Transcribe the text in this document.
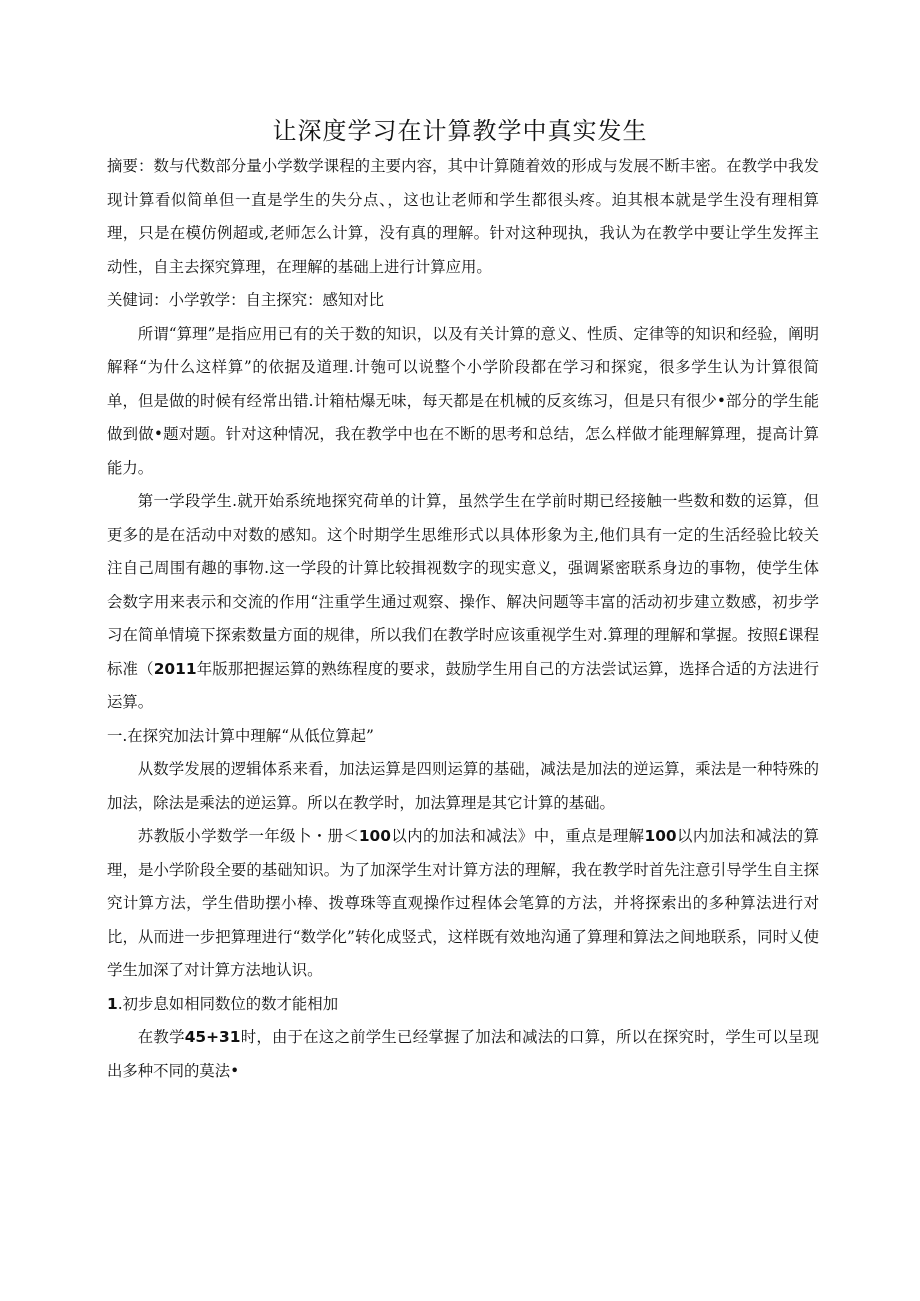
让深度学习在计算教学中真实发生

摘要：数与代数部分量小学数学课程的主要内容，其中计算随着效的形成与发展不断丰密。在教学中我发现计算看似简单但一直是学生的失分点、，这也让老师和学生都很头疼。迫其根本就是学生没有理相算理，只是在模仿例超或,老师怎么计算，没有真的理解。针对这种现执，我认为在教学中要让学生发挥主动性，自主去探究算理，在理解的基础上进行计算应用。

关健词：小学敦学：自主探究：感知对比

所谓“算理”是指应用已有的关于数的知识，以及有关计算的意义、性质、定律等的知识和经验，阐明解释“为什么这样算”的依据及道理.计匏可以说整个小学阶段都在学习和探窕，很多学生认为计算很简单，但是做的时候有经常出错.计箱枯爆无味，每天都是在机械的反亥练习，但是只有很少•部分的学生能做到做•题对题。针对这种情况，我在教学中也在不断的思考和总结，怎么样做才能理解算理，提高计算能力。

第一学段学生.就开始系统地探究荷单的计算，虽然学生在学前时期已经接触一些数和数的运算，但更多的是在活动中对数的感知。这个时期学生思维形式以具体形象为主,他们具有一定的生活经验比较关注自己周围有趣的事物.这一学段的计算比较揖视数字的现实意义，强调紧密联系身边的事物，使学生体会数字用来表示和交流的作用“注重学生通过观察、操作、解决问题等丰富的活动初步建立数感，初步学习在简单情境下探索数量方面的规律，所以我们在教学时应该重视学生对.算理的理解和掌握。按照£课程标准（2011年版那把握运算的熟练程度的要求，鼓励学生用自己的方法尝试运算，选择合适的方法进行运算。

一.在探究加法计算中理解“从低位算起”

从数学发展的逻辑体系来看，加法运算是四则运算的基础，减法是加法的逆运算，乘法是一种特殊的加法，除法是乘法的逆运算。所以在教学时，加法算理是其它计算的基础。

苏教版小学数学一年级卜・册＜100以内的加法和减法》中，重点是理解100以内加法和减法的算理，是小学阶段全要的基础知识。为了加深学生对计算方法的理解，我在教学时首先注意引导学生自主探究计算方法，学生借助摆小棒、拨尊珠等直观操作过程体会笔算的方法，并将探索出的多种算法进行对比，从而进一步把算理进行“数学化”转化成竖式，这样既有效地沟通了算理和算法之间地联系，同时乂使学生加深了对计算方法地认识。

1.初步息如相同数位的数才能相加

在教学45+31时，由于在这之前学生已经掌握了加法和减法的口算，所以在探究时，学生可以呈现出多种不同的莫法•
